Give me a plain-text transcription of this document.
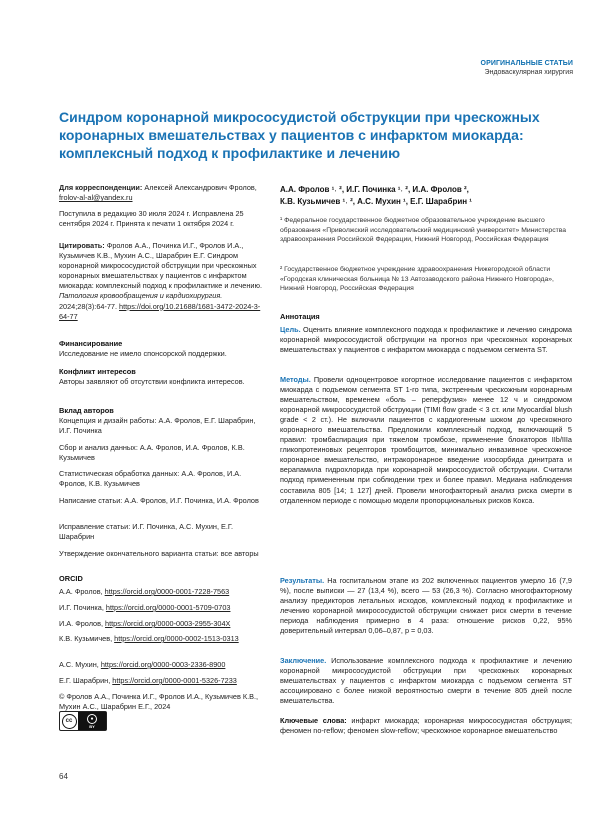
ОРИГИНАЛЬНЫЕ СТАТЬИ
Эндоваскулярная хирургия
Синдром коронарной микрососудистой обструкции при чрескожных коронарных вмешательствах у пациентов с инфарктом миокарда: комплексный подход к профилактике и лечению
Для корреспонденции: Алексей Александрович Фролов, frolov-al-al@yandex.ru
Поступила в редакцию 30 июля 2024 г. Исправлена 25 сентября 2024 г. Принята к печати 1 октября 2024 г.
Цитировать: Фролов А.А., Починка И.Г., Фролов И.А., Кузьмичев К.В., Мухин А.С., Шарабрин Е.Г. Синдром коронарной микрососудистой обструкции при чрескожных коронарных вмешательствах у пациентов с инфарктом миокарда: комплексный подход к профилактике и лечению. Патология кровообращения и кардиохирургия. 2024;28(3):64-77. https://doi.org/10.21688/1681-3472-2024-3-64-77
Финансирование
Исследование не имело спонсорской поддержки.
Конфликт интересов
Авторы заявляют об отсутствии конфликта интересов.
Вклад авторов
Концепция и дизайн работы: А.А. Фролов, Е.Г. Шарабрин, И.Г. Починка
Сбор и анализ данных: А.А. Фролов, И.А. Фролов, К.В. Кузьмичев
Статистическая обработка данных: А.А. Фролов, И.А. Фролов, К.В. Кузьмичев
Написание статьи: А.А. Фролов, И.Г. Починка, И.А. Фролов
Исправление статьи: И.Г. Починка, А.С. Мухин, Е.Г. Шарабрин
Утверждение окончательного варианта статьи: все авторы
ORCID
А.А. Фролов, https://orcid.org/0000-0001-7228-7563
И.Г. Починка, https://orcid.org/0000-0001-5709-0703
И.А. Фролов, https://orcid.org/0000-0003-2955-304X
К.В. Кузьмичев, https://orcid.org/0000-0002-1513-0313
А.С. Мухин, https://orcid.org/0000-0003-2336-8900
Е.Г. Шарабрин, https://orcid.org/0000-0001-5326-7233
© Фролов А.А., Починка И.Г., Фролов И.А., Кузьмичев К.В., Мухин А.С., Шарабрин Е.Г., 2024
cc	●
BY
64
А.А. Фролов ¹˒ ², И.Г. Починка ¹˒ ², И.А. Фролов ²,
К.В. Кузьмичев ¹˒ ², А.С. Мухин ¹, Е.Г. Шарабрин ¹
¹ Федеральное государственное бюджетное образовательное учреждение высшего образования «Приволжский исследовательский медицинский университет» Министерства здравоохранения Российской Федерации, Нижний Новгород, Российская Федерация
² Государственное бюджетное учреждение здравоохранения Нижегородской области «Городская клиническая больница № 13 Автозаводского района Нижнего Новгорода», Нижний Новгород, Российская Федерация
Аннотация
Цель. Оценить влияние комплексного подхода к профилактике и лечению синдрома коронарной микрососудистой обструкции на прогноз при чрескожных коронарных вмешательствах у пациентов с инфарктом миокарда с подъемом сегмента ST.
Методы. Провели одноцентровое когортное исследование пациентов с инфарктом миокарда с подъемом сегмента ST 1-го типа, экстренным чрескожным коронарным вмешательством, временем «боль – реперфузия» менее 12 ч и синдромом коронарной микрососудистой обструкции (TIMI flow grade < 3 ст. или Myocardial blush grade < 2 ст.). Не включили пациентов с кардиогенным шоком до чрескожного коронарного вмешательства. Предложили комплексный подход, включающий 5 правил: тромбаспирация при тяжелом тромбозе, применение блокаторов IIb/IIIa гликопротеиновых рецепторов тромбоцитов, минимально инвазивное чрескожное коронарное вмешательство, интракоронарное введение изосорбида динитрата и верапамила гидрохлорида при коронарной микрососудистой обструкции. Считали подход примененным при соблюдении трех и более правил. Медиана наблюдения составила 805 [14; 1 127] дней. Провели многофакторный анализ риска смерти в отдаленном периоде с помощью модели пропорциональных рисков Кокса.
Результаты. На госпитальном этапе из 202 включенных пациентов умерло 16 (7,9 %), после выписки — 27 (13,4 %), всего — 53 (26,3 %). Согласно многофакторному анализу предикторов летальных исходов, комплексный подход к профилактике и лечению коронарной микрососудистой обструкции снижает риск смерти в течение периода наблюдения примерно в 4 раза: отношение рисков 0,22, 95% доверительный интервал 0,06–0,87, p = 0,03.
Заключение. Использование комплексного подхода к профилактике и лечению коронарной микрососудистой обструкции при чрескожных коронарных вмешательствах у пациентов с инфарктом миокарда с подъемом сегмента ST ассоциировано с более низкой вероятностью смерти в течение 805 дней после вмешательства.
Ключевые слова: инфаркт миокарда; коронарная микрососудистая обструкция; феномен no-reflow; феномен slow-reflow; чрескожное коронарное вмешательство
